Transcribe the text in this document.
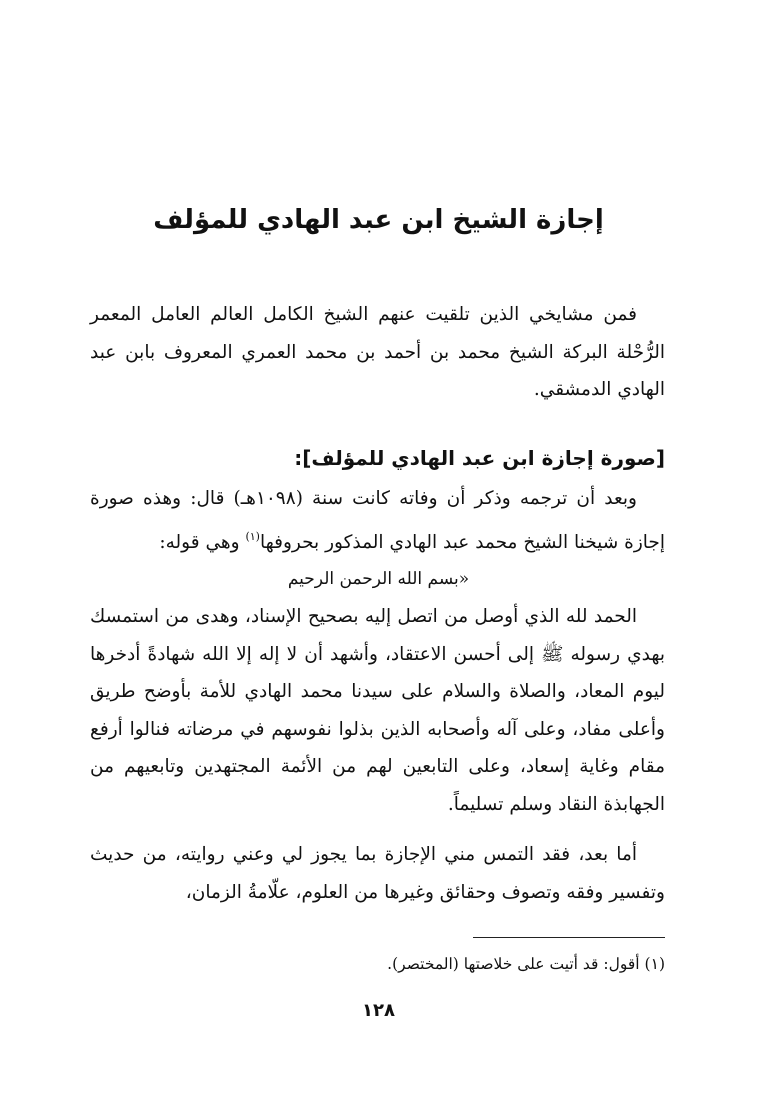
إجازة الشيخ ابن عبد الهادي للمؤلف

فمن مشايخي الذين تلقيت عنهم الشيخ الكامل العالم العامل المعمر الرُّحْلة البركة الشيخ محمد بن أحمد بن محمد العمري المعروف بابن عبد الهادي الدمشقي.

[صورة إجازة ابن عبد الهادي للمؤلف]:

وبعد أن ترجمه وذكر أن وفاته كانت سنة (١٠٩٨هـ) قال: وهذه صورة إجازة شيخنا الشيخ محمد عبد الهادي المذكور بحروفها$^{(١)}$ وهي قوله:

«بسم الله الرحمن الرحيم

الحمد لله الذي أوصل من اتصل إليه بصحيح الإسناد، وهدى من استمسك بهدي رسوله ﷺ إلى أحسن الاعتقاد، وأشهد أن لا إله إلا الله شهادةً أدخرها ليوم المعاد، والصلاة والسلام على سيدنا محمد الهادي للأمة بأوضح طريق وأعلى مفاد، وعلى آله وأصحابه الذين بذلوا نفوسهم في مرضاته فنالوا أرفع مقام وغاية إسعاد، وعلى التابعين لهم من الأئمة المجتهدين وتابعيهم من الجهابذة النقاد وسلم تسليماً.

أما بعد، فقد التمس مني الإجازة بما يجوز لي وعني روايته، من حديث وتفسير وفقه وتصوف وحقائق وغيرها من العلوم، علّامةُ الزمان،

(١) أقول: قد أتيت على خلاصتها (المختصر).
١٢٨
